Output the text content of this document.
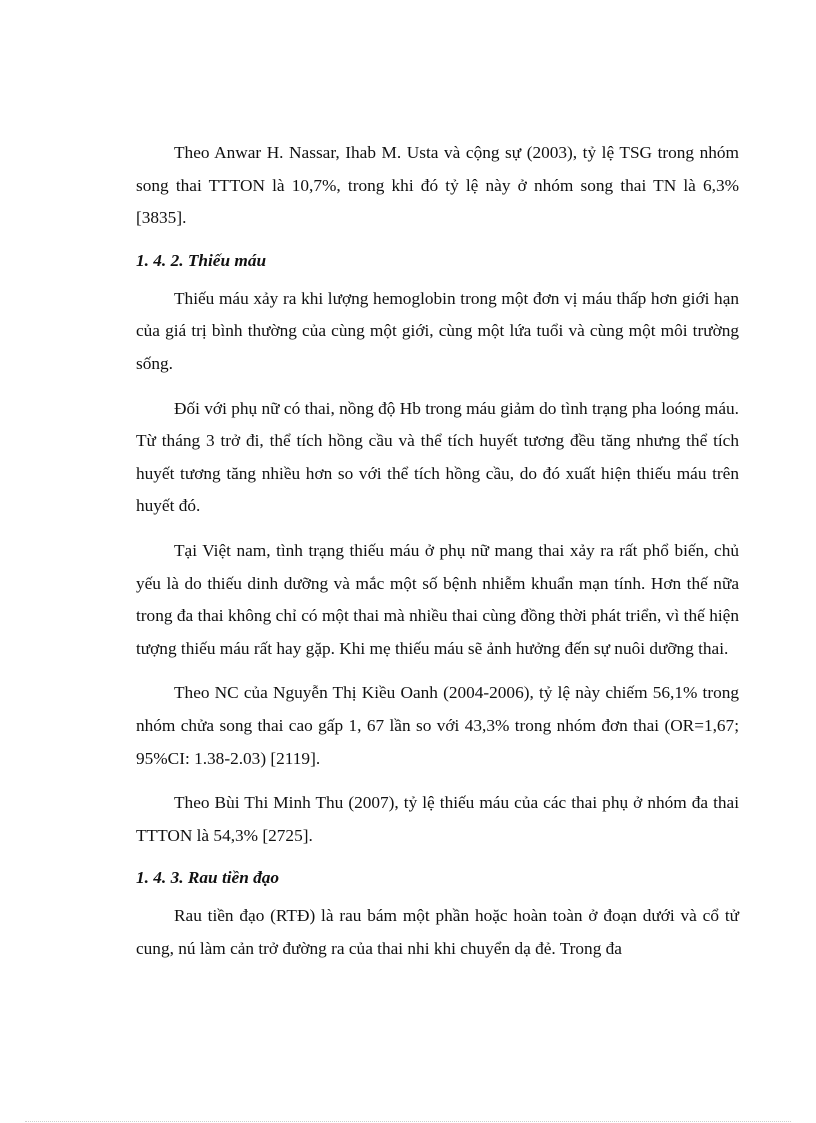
Theo Anwar H. Nassar, Ihab M. Usta và cộng sự (2003), tỷ lệ TSG trong nhóm song thai TTTON là 10,7%, trong khi đó tỷ lệ này ở nhóm song thai TN là 6,3% [3835].

1. 4. 2. Thiếu máu

Thiếu máu xảy ra khi lượng hemoglobin trong một đơn vị máu thấp hơn giới hạn của giá trị bình thường của cùng một giới, cùng một lứa tuổi và cùng một môi trường sống.

Đối với phụ nữ có thai, nồng độ Hb trong máu giảm do tình trạng pha loóng máu. Từ tháng 3 trở đi, thể tích hồng cầu và thể tích huyết tương đều tăng nhưng thể tích huyết tương tăng nhiều hơn so với thể tích hồng cầu, do đó xuất hiện thiếu máu trên huyết đó.

Tại Việt nam, tình trạng thiếu máu ở phụ nữ mang thai xảy ra rất phổ biến, chủ yếu là do thiếu dinh dưỡng và mắc một số bệnh nhiễm khuẩn mạn tính. Hơn thế nữa trong đa thai không chỉ có một thai mà nhiều thai cùng đồng thời phát triển, vì thế hiện tượng thiếu máu rất hay gặp. Khi mẹ thiếu máu sẽ ảnh hưởng đến sự nuôi dưỡng thai.

Theo NC của Nguyễn Thị Kiều Oanh (2004-2006), tỷ lệ này chiếm 56,1% trong nhóm chửa song thai cao gấp 1, 67 lần so với 43,3% trong nhóm đơn thai (OR=1,67; 95%CI: 1.38-2.03) [2119].

Theo Bùi Thi Minh Thu (2007), tỷ lệ thiếu máu của các thai phụ ở nhóm đa thai TTTON là 54,3% [2725].

1. 4. 3. Rau tiền đạo

Rau tiền đạo (RTĐ) là rau bám một phần hoặc hoàn toàn ở đoạn dưới và cổ tử cung, nú làm cản trở đường ra của thai nhi khi chuyển dạ đẻ. Trong đa
